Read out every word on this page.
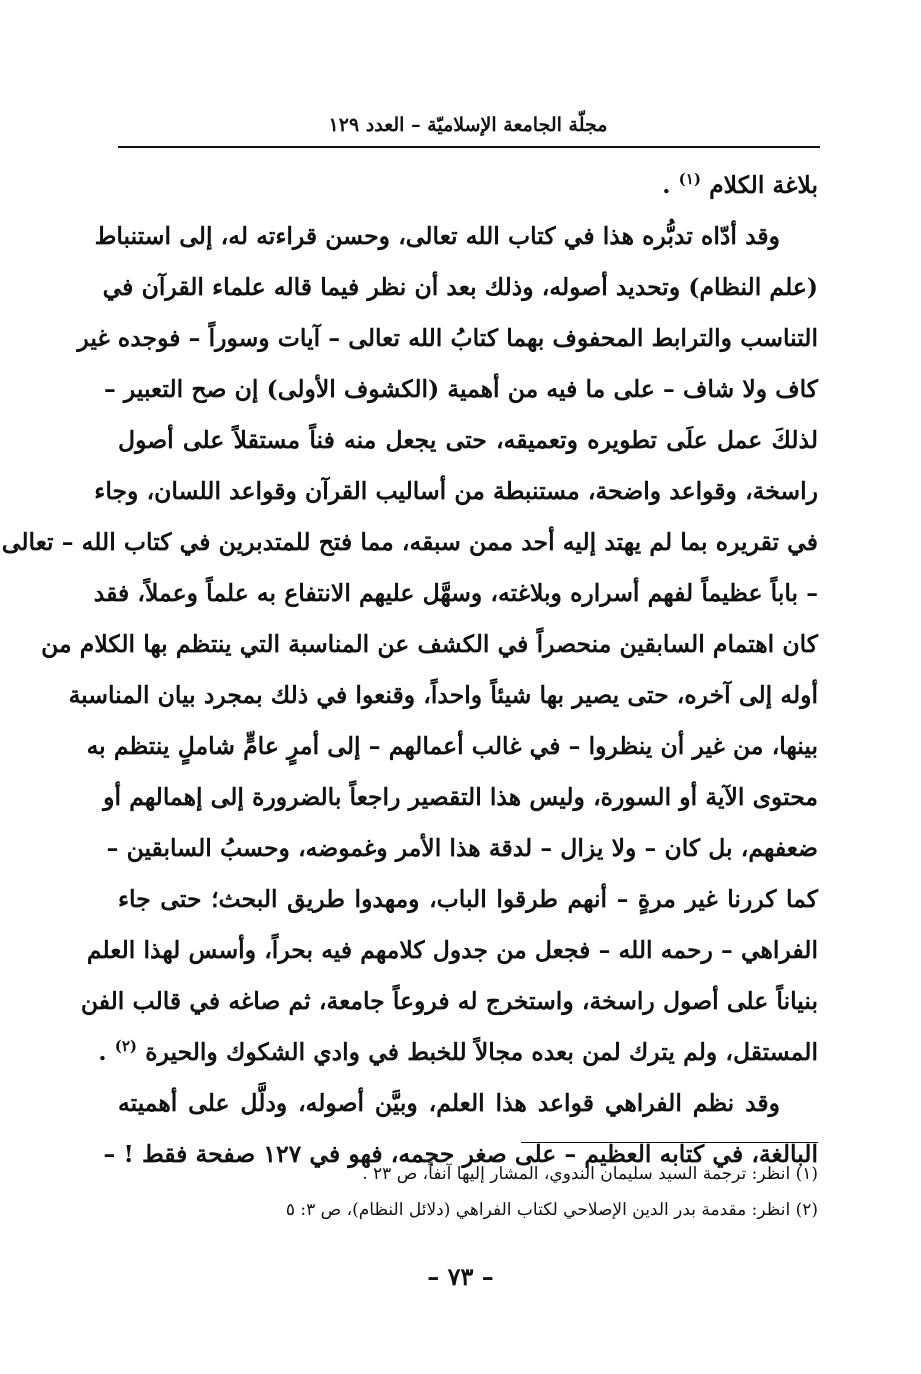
مجلّة الجامعة الإسلاميّة – العدد ١٢٩
بلاغة الكلام $^{(١)}$ .
وقد أدّاه تدبُّره هذا في كتاب الله تعالى، وحسن قراءته له، إلى استنباط
(علم النظام) وتحديد أصوله، وذلك بعد أن نظر فيما قاله علماء القرآن في
التناسب والترابط المحفوف بهما كتابُ الله تعالى – آيات وسوراً – فوجده غير
كاف ولا شاف – على ما فيه من أهمية (الكشوف الأولى) إن صح التعبير –
لذلكَ عمل علَى تطويره وتعميقه، حتى يجعل منه فناً مستقلاً على أصول
راسخة، وقواعد واضحة، مستنبطة من أساليب القرآن وقواعد اللسان، وجاء
في تقريره بما لم يهتد إليه أحد ممن سبقه، مما فتح للمتدبرين في كتاب الله – تعالى
– باباً عظيماً لفهم أسراره وبلاغته، وسهَّل عليهم الانتفاع به علماً وعملاً، فقد
كان اهتمام السابقين منحصراً في الكشف عن المناسبة التي ينتظم بها الكلام من
أوله إلى آخره، حتى يصير بها شيئاً واحداً، وقنعوا في ذلك بمجرد بيان المناسبة
بينها، من غير أن ينظروا – في غالب أعمالهم – إلى أمرٍ عامٍّ شاملٍ ينتظم به
محتوى الآية أو السورة، وليس هذا التقصير راجعاً بالضرورة إلى إهمالهم أو
ضعفهم، بل كان – ولا يزال – لدقة هذا الأمر وغموضه، وحسبُ السابقين –
كما كررنا غير مرةٍ – أنهم طرقوا الباب، ومهدوا طريق البحث؛ حتى جاء
الفراهي – رحمه الله – فجعل من جدول كلامهم فيه بحراً، وأسس لهذا العلم
بنياناً على أصول راسخة، واستخرج له فروعاً جامعة، ثم صاغه في قالب الفن
المستقل، ولم يترك لمن بعده مجالاً للخبط في وادي الشكوك والحيرة $^{(٢)}$ .
وقد نظم الفراهي قواعد هذا العلم، وبيَّن أصوله، ودلَّل على أهميته
البالغة، في كتابه العظيم – على صغر حجمه، فهو في ١٢٧ صفحة فقط ! –
(١) انظر: ترجمة السيد سليمان الندوي، المشار إليها آنفاً، ص ٢٣ .
(٢) انظر: مقدمة بدر الدين الإصلاحي لكتاب الفراهي (دلائل النظام)، ص ٣: ٥
– ٧٣ –
